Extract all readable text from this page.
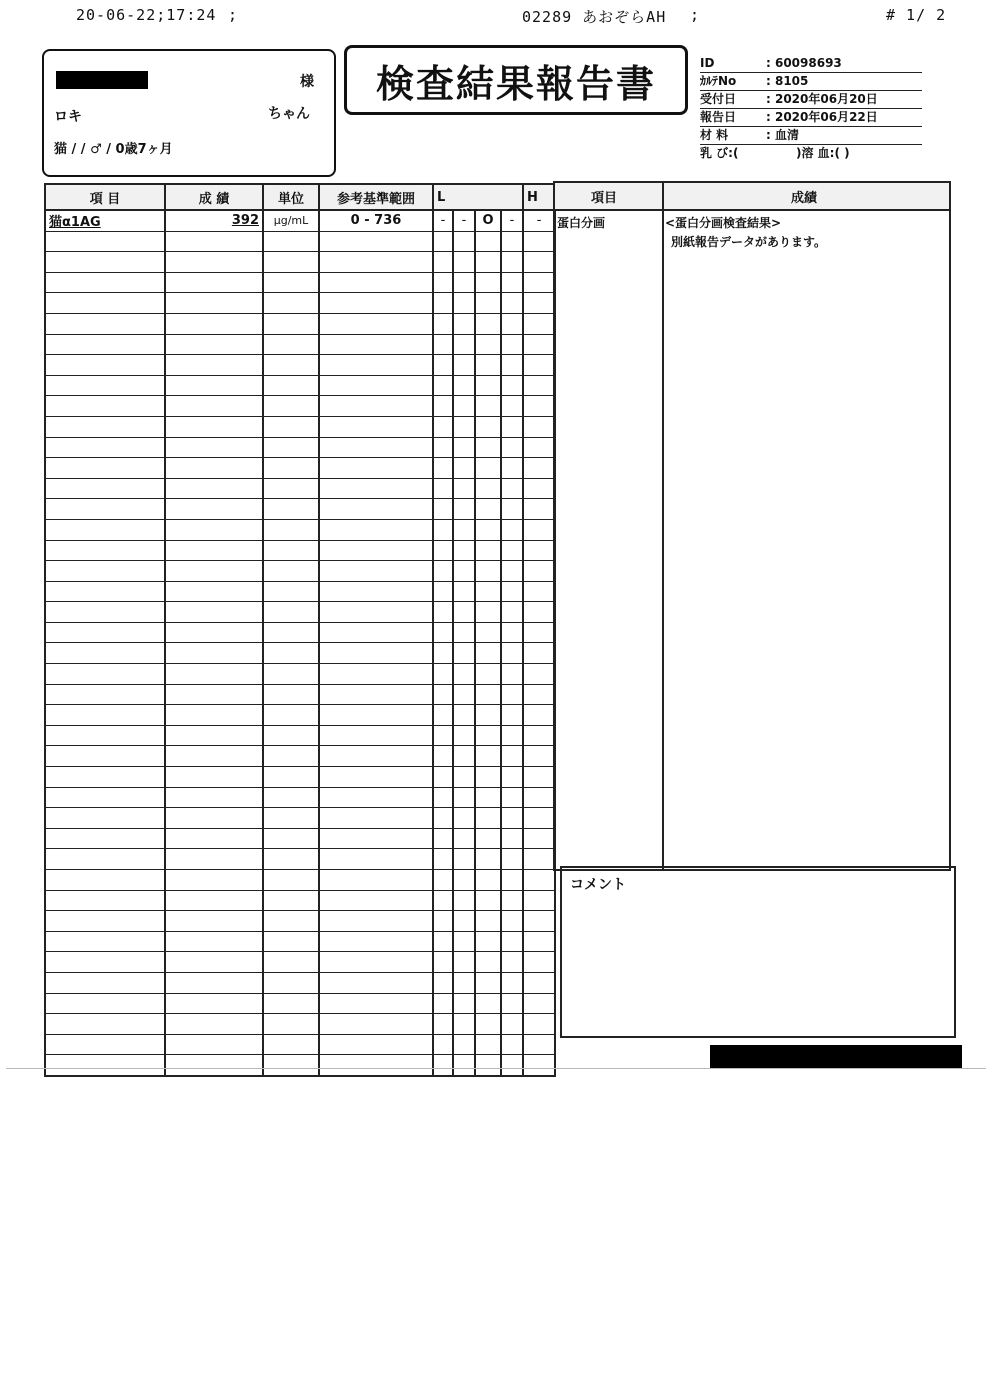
20-06-22;17:24 ;	02289 あおぞらAH ;	# 1/ 2
様
ロキ	ちゃん
猫 / / ♂ / 0歳7ヶ月
検査結果報告書	ID	: 60098693
ｶﾙﾃNo : 8105
受付日 : 2020年06月20日
報告日 : 2020年06月22日
材 料	: 血清
乳 び:(	)溶 血:( )
項 目	成 績	単位	参考基準範囲	L				H
猫α1AG	392	μg/mL	0 - 736	-	-	O	-	-

項目	成績
蛋白分画	<蛋白分画検査結果>
別紙報告データがあります。
コメント
